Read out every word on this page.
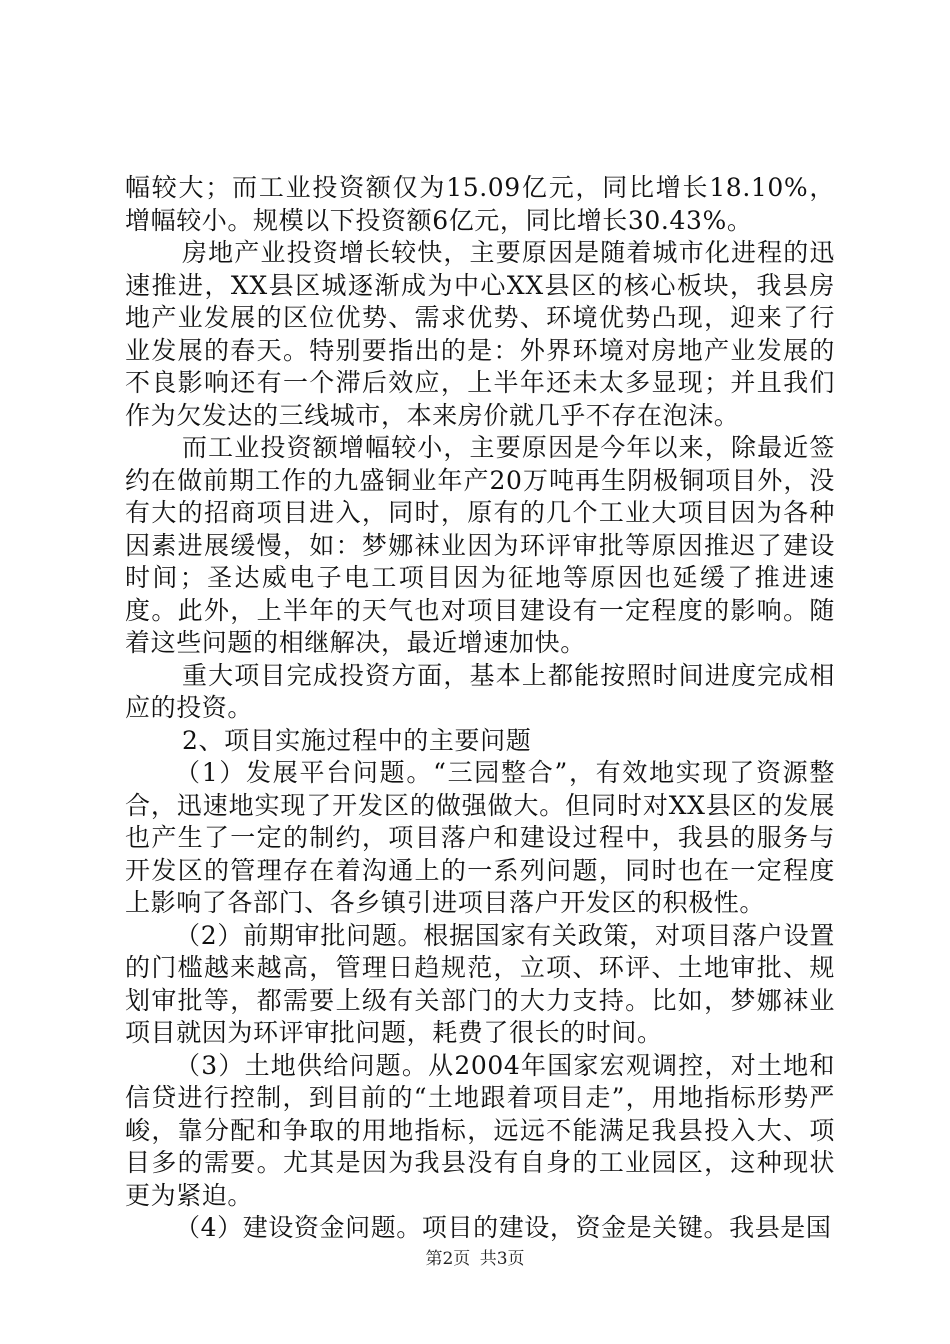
幅较大；而工业投资额仅为15.09亿元，同比增长18.10%，增幅较小。规模以下投资额6亿元，同比增长30.43%。

房地产业投资增长较快，主要原因是随着城市化进程的迅速推进，XX县区城逐渐成为中心XX县区的核心板块，我县房地产业发展的区位优势、需求优势、环境优势凸现，迎来了行业发展的春天。特别要指出的是：外界环境对房地产业发展的不良影响还有一个滞后效应，上半年还未太多显现；并且我们作为欠发达的三线城市，本来房价就几乎不存在泡沫。

而工业投资额增幅较小，主要原因是今年以来，除最近签约在做前期工作的九盛铜业年产20万吨再生阴极铜项目外，没有大的招商项目进入，同时，原有的几个工业大项目因为各种因素进展缓慢，如：梦娜袜业因为环评审批等原因推迟了建设时间；圣达威电子电工项目因为征地等原因也延缓了推进速度。此外，上半年的天气也对项目建设有一定程度的影响。随着这些问题的相继解决，最近增速加快。

重大项目完成投资方面，基本上都能按照时间进度完成相应的投资。

2、项目实施过程中的主要问题

（1）发展平台问题。“三园整合”，有效地实现了资源整合，迅速地实现了开发区的做强做大。但同时对XX县区的发展也产生了一定的制约，项目落户和建设过程中，我县的服务与开发区的管理存在着沟通上的一系列问题，同时也在一定程度上影响了各部门、各乡镇引进项目落户开发区的积极性。

（2）前期审批问题。根据国家有关政策，对项目落户设置的门槛越来越高，管理日趋规范，立项、环评、土地审批、规划审批等，都需要上级有关部门的大力支持。比如，梦娜袜业项目就因为环评审批问题，耗费了很长的时间。

（3）土地供给问题。从2004年国家宏观调控，对土地和信贷进行控制，到目前的“土地跟着项目走”，用地指标形势严峻，靠分配和争取的用地指标，远远不能满足我县投入大、项目多的需要。尤其是因为我县没有自身的工业园区，这种现状更为紧迫。

（4）建设资金问题。项目的建设，资金是关键。我县是国

第2页 共3页
